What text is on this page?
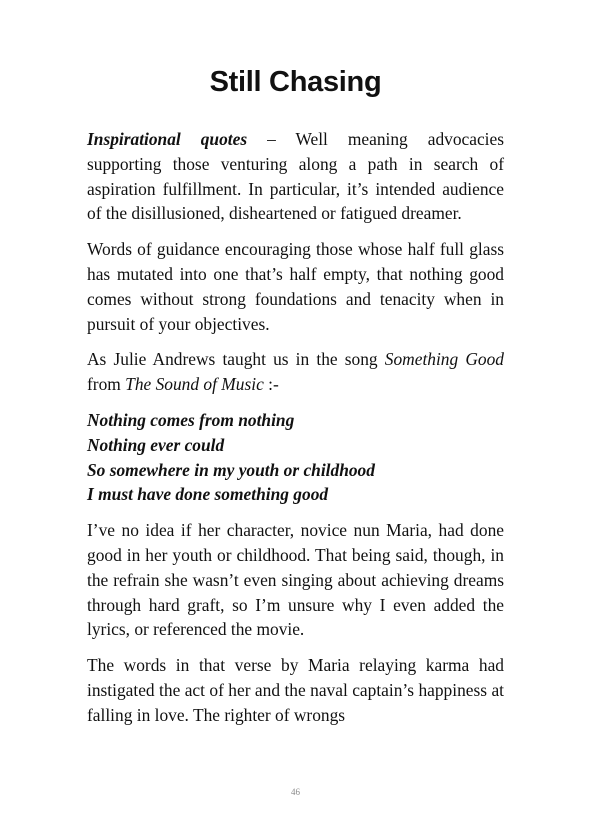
Still Chasing

Inspirational quotes – Well meaning advocacies supporting those venturing along a path in search of aspiration fulfillment. In particular, it’s intended audience of the disillusioned, disheartened or fatigued dreamer.

Words of guidance encouraging those whose half full glass has mutated into one that’s half empty, that nothing good comes without strong foundations and tenacity when in pursuit of your objectives.

As Julie Andrews taught us in the song Something Good from The Sound of Music :-

Nothing comes from nothing
Nothing ever could
So somewhere in my youth or childhood
I must have done something good

I’ve no idea if her character, novice nun Maria, had done good in her youth or childhood. That being said, though, in the refrain she wasn’t even singing about achieving dreams through hard graft, so I’m unsure why I even added the lyrics, or referenced the movie.

The words in that verse by Maria relaying karma had instigated the act of her and the naval captain’s happiness at falling in love. The righter of wrongs

46
